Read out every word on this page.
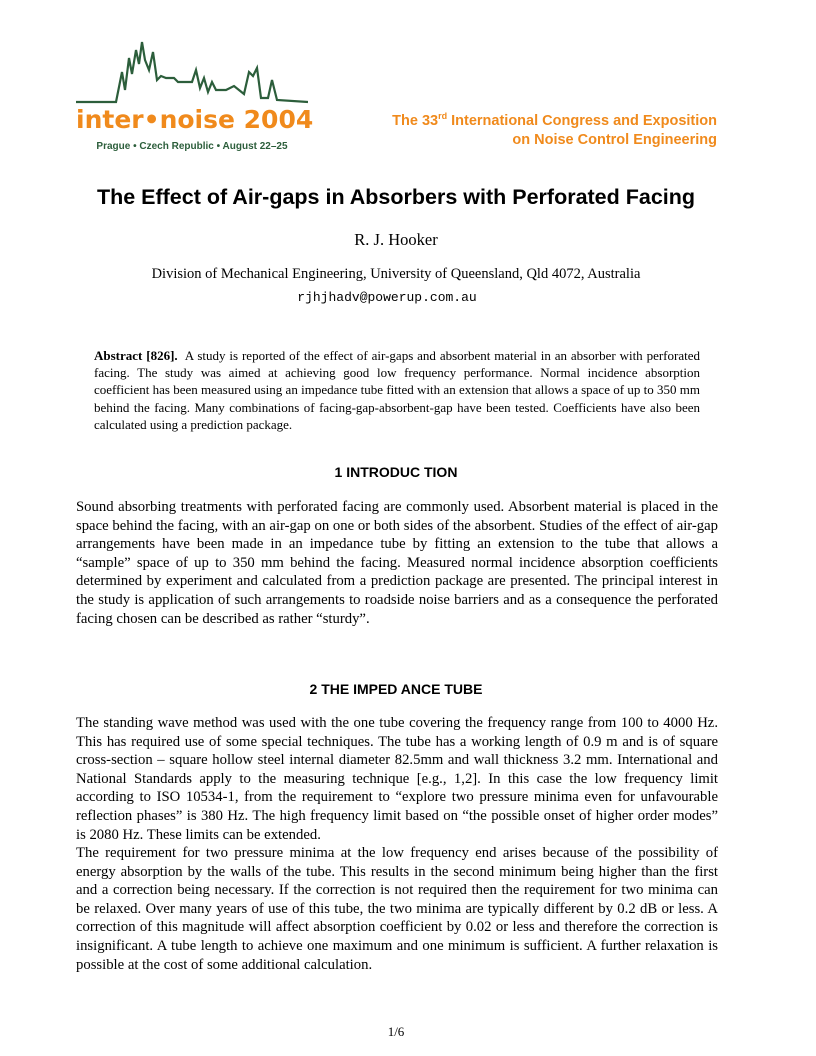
inter•noise 2004
Prague • Czech Republic • August 22–25
The 33rd International Congress and Exposition
on Noise Control Engineering
The Effect of Air-gaps in Absorbers with Perforated Facing
R. J. Hooker
Division of Mechanical Engineering, University of Queensland, Qld 4072, Australia
rjhjhadv@powerup.com.au
Abstract [826]. A study is reported of the effect of air-gaps and absorbent material in an absorber with perforated facing. The study was aimed at achieving good low frequency performance. Normal incidence absorption coefficient has been measured using an impedance tube fitted with an extension that allows a space of up to 350 mm behind the facing. Many combinations of facing-gap-absorbent-gap have been tested. Coefficients have also been calculated using a prediction package.
1 INTRODUC TION
Sound absorbing treatments with perforated facing are commonly used. Absorbent material is placed in the space behind the facing, with an air-gap on one or both sides of the absorbent. Studies of the effect of air-gap arrangements have been made in an impedance tube by fitting an extension to the tube that allows a “sample” space of up to 350 mm behind the facing. Measured normal incidence absorption coefficients determined by experiment and calculated from a prediction package are presented. The principal interest in the study is application of such arrangements to roadside noise barriers and as a consequence the perforated facing chosen can be described as rather “sturdy”.
2 THE IMPED ANCE TUBE
The standing wave method was used with the one tube covering the frequency range from 100 to 4000 Hz. This has required use of some special techniques. The tube has a working length of 0.9 m and is of square cross-section – square hollow steel internal diameter 82.5mm and wall thickness 3.2 mm. International and National Standards apply to the measuring technique [e.g., 1,2]. In this case the low frequency limit according to ISO 10534-1, from the requirement to “explore two pressure minima even for unfavourable reflection phases” is 380 Hz. The high frequency limit based on “the possible onset of higher order modes” is 2080 Hz. These limits can be extended.
The requirement for two pressure minima at the low frequency end arises because of the possibility of energy absorption by the walls of the tube. This results in the second minimum being higher than the first and a correction being necessary. If the correction is not required then the requirement for two minima can be relaxed. Over many years of use of this tube, the two minima are typically different by 0.2 dB or less. A correction of this magnitude will affect absorption coefficient by 0.02 or less and therefore the correction is insignificant. A tube length to achieve one maximum and one minimum is sufficient. A further relaxation is possible at the cost of some additional calculation.
1/6
